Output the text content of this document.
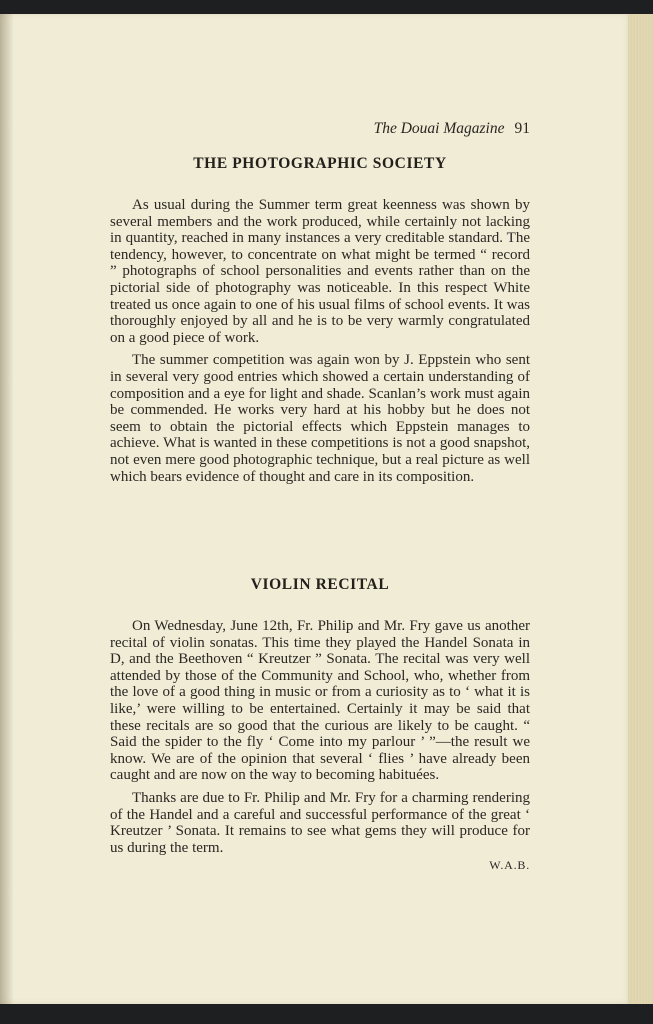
The Douai Magazine 91
THE PHOTOGRAPHIC SOCIETY

As usual during the Summer term great keenness was shown by several members and the work produced, while certainly not lacking in quantity, reached in many instances a very creditable standard. The tendency, however, to concentrate on what might be termed “ record ” photographs of school personalities and events rather than on the pictorial side of photography was noticeable. In this respect White treated us once again to one of his usual films of school events. It was thoroughly enjoyed by all and he is to be very warmly congratulated on a good piece of work.

The summer competition was again won by J. Eppstein who sent in several very good entries which showed a certain understanding of composition and a eye for light and shade. Scanlan’s work must again be commended. He works very hard at his hobby but he does not seem to obtain the pictorial effects which Eppstein manages to achieve. What is wanted in these competitions is not a good snapshot, not even mere good photographic technique, but a real picture as well which bears evidence of thought and care in its composition.

VIOLIN RECITAL

On Wednesday, June 12th, Fr. Philip and Mr. Fry gave us another recital of violin sonatas. This time they played the Handel Sonata in D, and the Beethoven “ Kreutzer ” Sonata. The recital was very well attended by those of the Community and School, who, whether from the love of a good thing in music or from a curiosity as to ‘ what it is like,’ were willing to be entertained. Certainly it may be said that these recitals are so good that the curious are likely to be caught. “ Said the spider to the fly ‘ Come into my parlour ’ ”—the result we know. We are of the opinion that several ‘ flies ’ have already been caught and are now on the way to becoming habituées.

Thanks are due to Fr. Philip and Mr. Fry for a charming rendering of the Handel and a careful and successful performance of the great ‘ Kreutzer ’ Sonata. It remains to see what gems they will produce for us during the term.

W.A.B.
